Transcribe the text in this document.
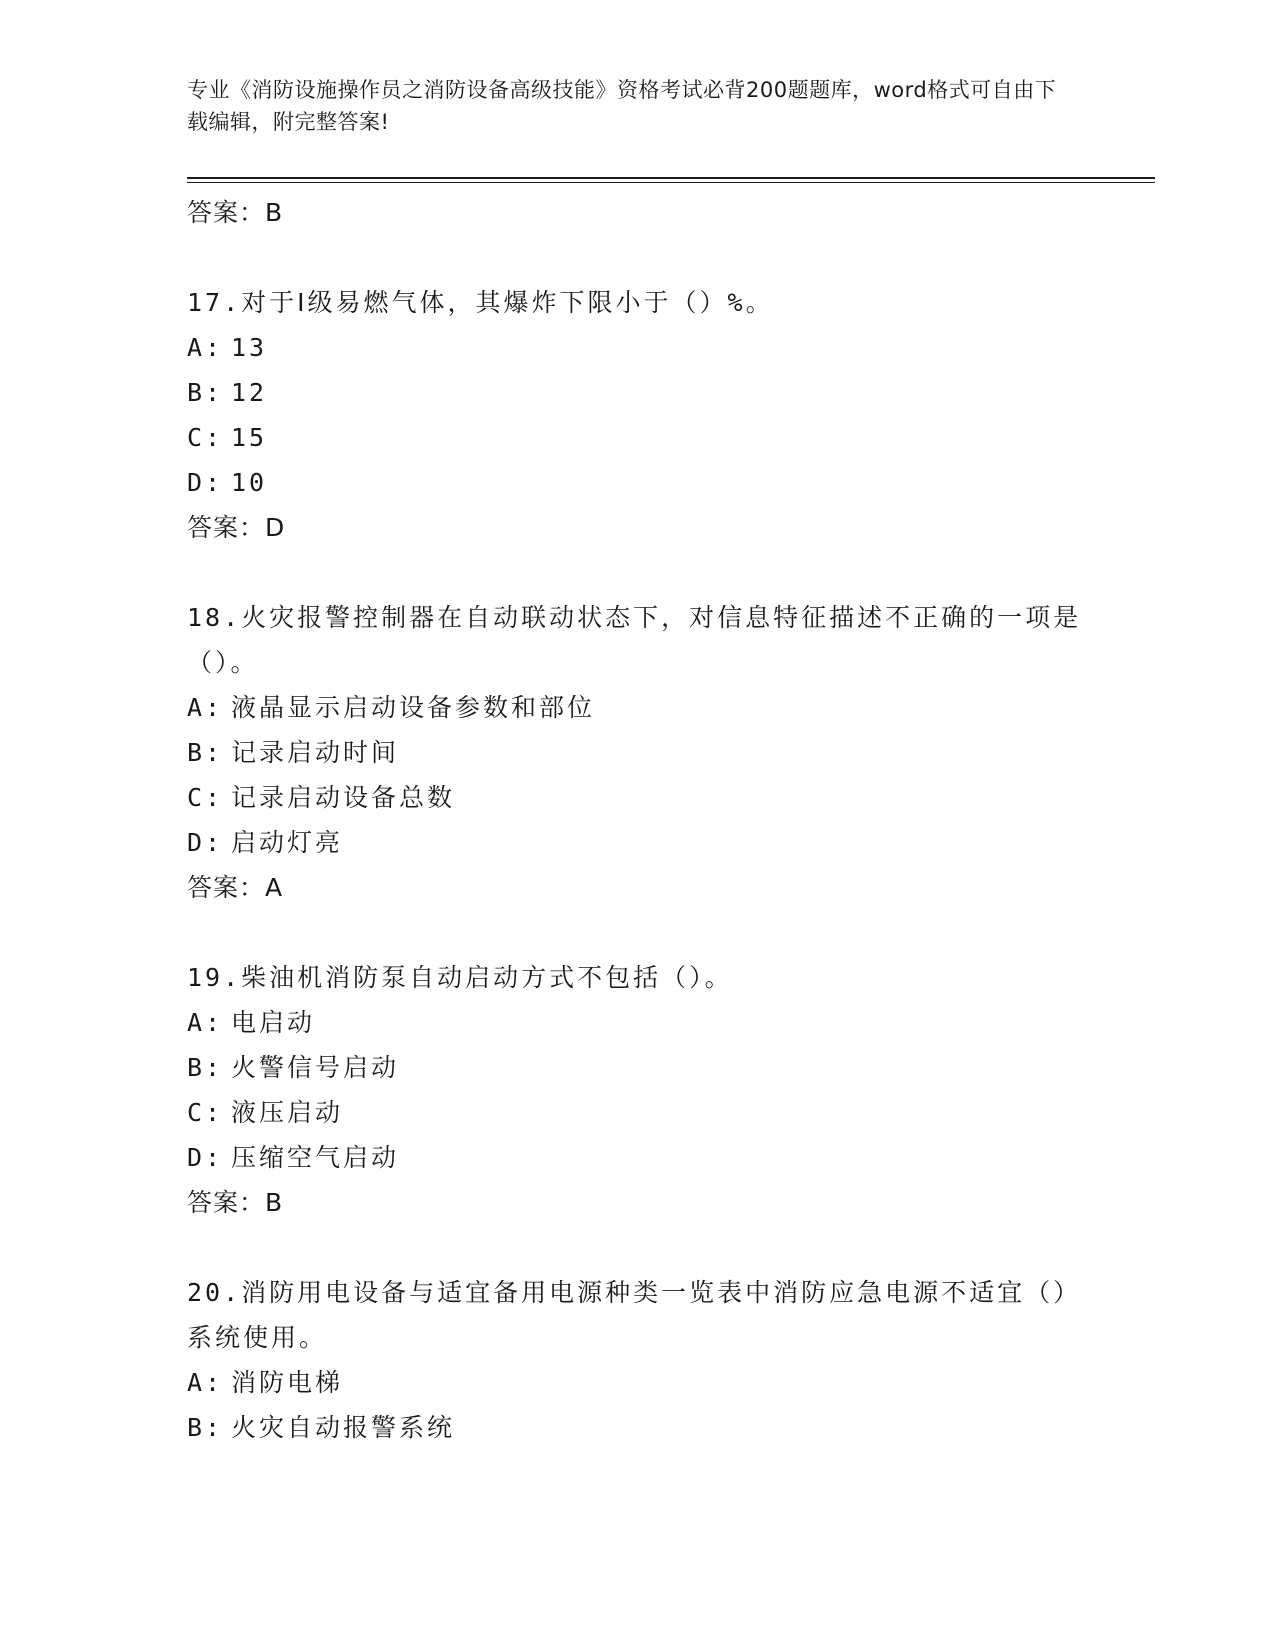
专业《消防设施操作员之消防设备高级技能》资格考试必背200题题库，word格式可自由下载编辑，附完整答案!
答案：B
17.对于Ⅰ级易燃气体，其爆炸下限小于（）%。
A: 13
B: 12
C: 15
D: 10
答案：D
18.火灾报警控制器在自动联动状态下，对信息特征描述不正确的一项是（）。
A: 液晶显示启动设备参数和部位
B: 记录启动时间
C: 记录启动设备总数
D: 启动灯亮
答案：A
19.柴油机消防泵自动启动方式不包括（）。
A: 电启动
B: 火警信号启动
C: 液压启动
D: 压缩空气启动
答案：B
20.消防用电设备与适宜备用电源种类一览表中消防应急电源不适宜（）系统使用。
A: 消防电梯
B: 火灾自动报警系统
